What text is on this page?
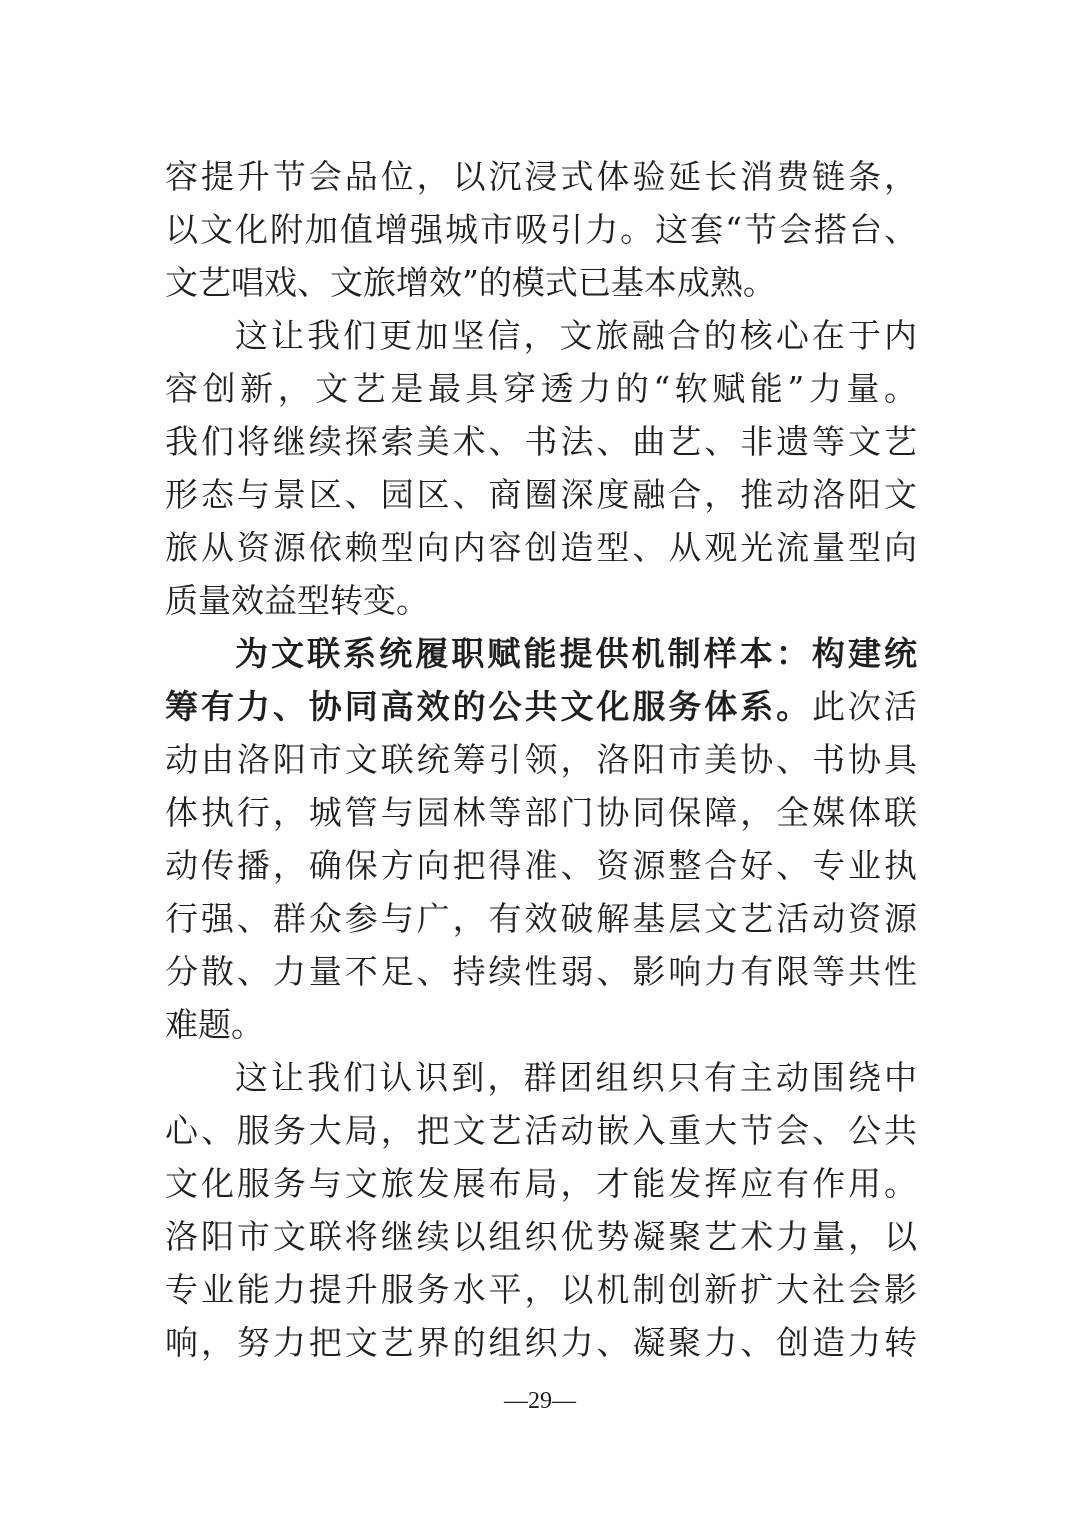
容提升节会品位，以沉浸式体验延长消费链条，
以文化附加值增强城市吸引力。这套“节会搭台、
文艺唱戏、文旅增效”的模式已基本成熟。
这让我们更加坚信，文旅融合的核心在于内
容创新，文艺是最具穿透力的“软赋能”力量。
我们将继续探索美术、书法、曲艺、非遗等文艺
形态与景区、园区、商圈深度融合，推动洛阳文
旅从资源依赖型向内容创造型、从观光流量型向
质量效益型转变。
为文联系统履职赋能提供机制样本：构建统
筹有力、协同高效的公共文化服务体系。此次活
动由洛阳市文联统筹引领，洛阳市美协、书协具
体执行，城管与园林等部门协同保障，全媒体联
动传播，确保方向把得准、资源整合好、专业执
行强、群众参与广，有效破解基层文艺活动资源
分散、力量不足、持续性弱、影响力有限等共性
难题。
这让我们认识到，群团组织只有主动围绕中
心、服务大局，把文艺活动嵌入重大节会、公共
文化服务与文旅发展布局，才能发挥应有作用。
洛阳市文联将继续以组织优势凝聚艺术力量，以
专业能力提升服务水平，以机制创新扩大社会影
响，努力把文艺界的组织力、凝聚力、创造力转
—29—
